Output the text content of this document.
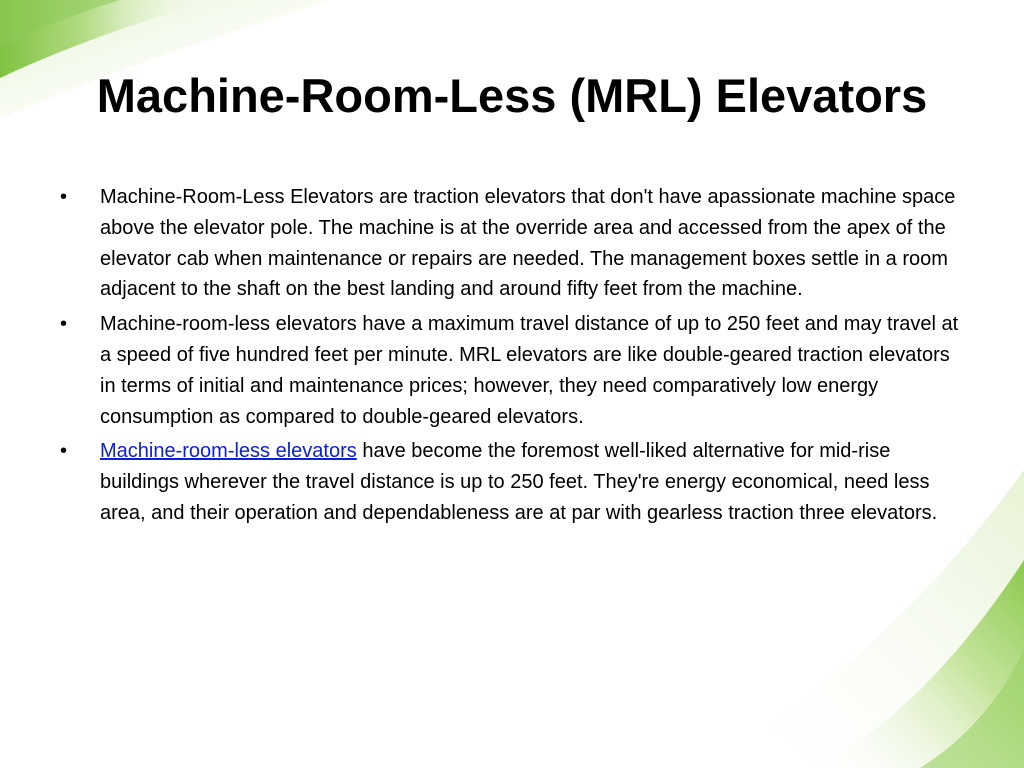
Machine-Room-Less (MRL) Elevators
•	Machine-Room-Less Elevators are traction elevators that don't have apassionate machine space above the elevator pole. The machine is at the override area and accessed from the apex of the elevator cab when maintenance or repairs are needed. The management boxes settle in a room adjacent to the shaft on the best landing and around fifty feet from the machine.
•	Machine-room-less elevators have a maximum travel distance of up to 250 feet and may travel at a speed of five hundred feet per minute. MRL elevators are like double-geared traction elevators in terms of initial and maintenance prices; however, they need comparatively low energy consumption as compared to double-geared elevators.
•	Machine-room-less elevators have become the foremost well-liked alternative for mid-rise buildings wherever the travel distance is up to 250 feet. They're energy economical, need less area, and their operation and dependableness are at par with gearless traction three elevators.
